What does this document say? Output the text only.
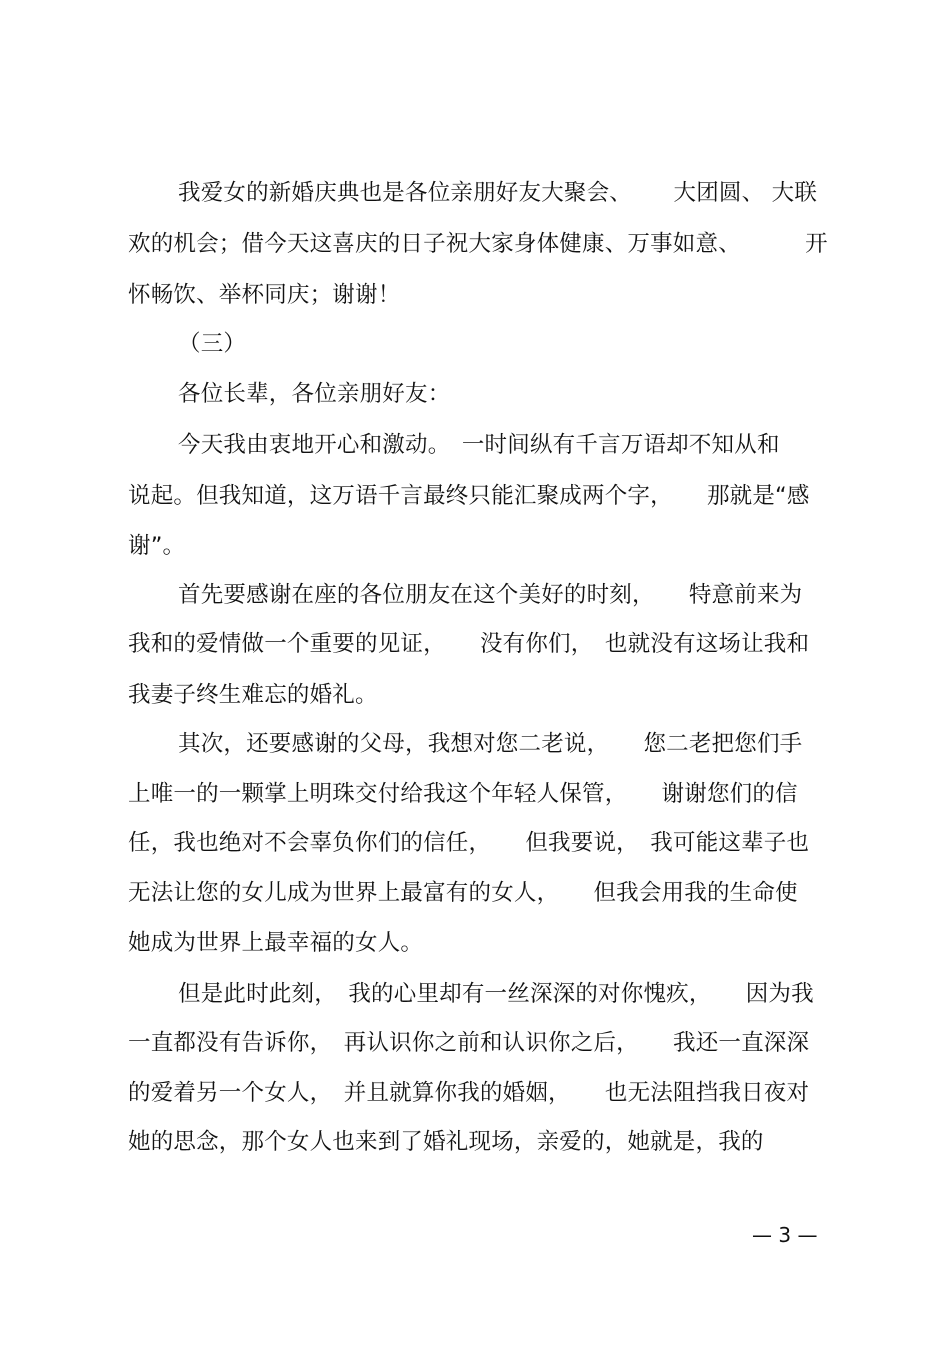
我爱女的新婚庆典也是各位亲朋好友大聚会、　　 大团圆、 大联
欢的机会；借今天这喜庆的日子祝大家身体健康、万事如意、　　　 开
怀畅饮、举杯同庆；谢谢！
（三）
各位长辈，各位亲朋好友：
今天我由衷地开心和激动。　一时间纵有千言万语却不知从和
说起。但我知道，这万语千言最终只能汇聚成两个字，　　那就是“感
谢”。
首先要感谢在座的各位朋友在这个美好的时刻，　　特意前来为
我和的爱情做一个重要的见证，　　没有你们，　也就没有这场让我和
我妻子终生难忘的婚礼。
其次，还要感谢的父母，我想对您二老说，　　您二老把您们手
上唯一的一颗掌上明珠交付给我这个年轻人保管，　　谢谢您们的信
任，我也绝对不会辜负你们的信任，　　但我要说，　我可能这辈子也
无法让您的女儿成为世界上最富有的女人，　　但我会用我的生命使
她成为世界上最幸福的女人。
但是此时此刻，　我的心里却有一丝深深的对你愧疚，　　因为我
一直都没有告诉你，　再认识你之前和认识你之后，　　我还一直深深
的爱着另一个女人，　并且就算你我的婚姻，　　也无法阻挡我日夜对
她的思念，那个女人也来到了婚礼现场，亲爱的，她就是，我的
— 3 —
